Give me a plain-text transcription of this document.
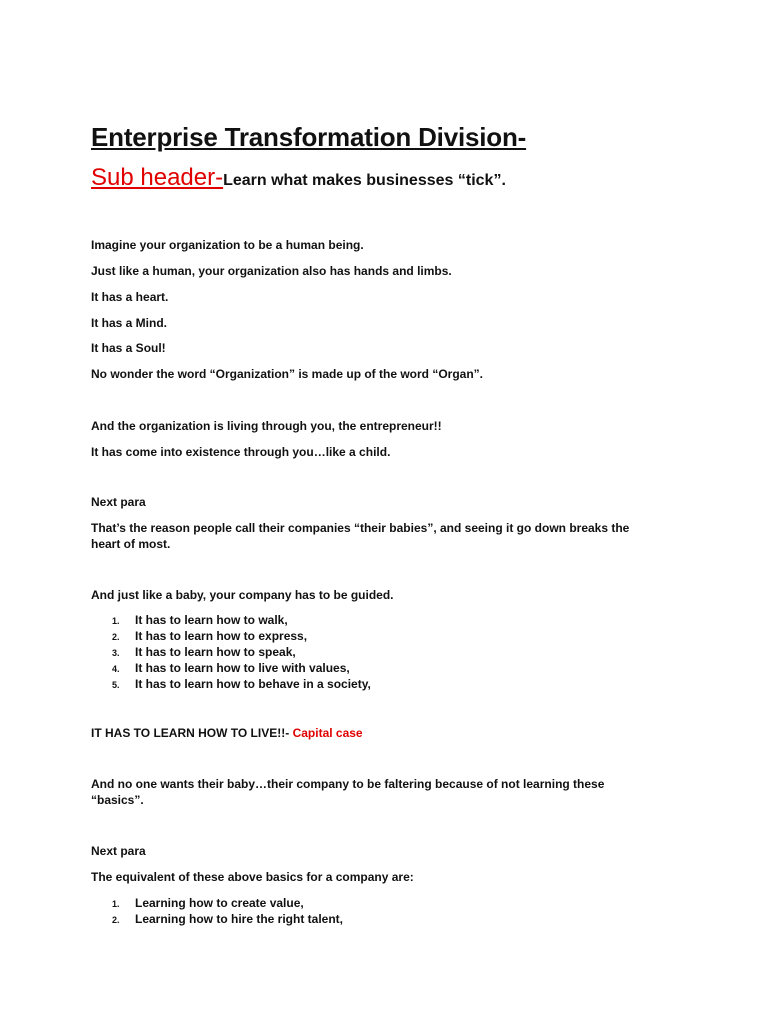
Enterprise Transformation Division-
Sub header-Learn what makes businesses “tick”.
Imagine your organization to be a human being.
Just like a human, your organization also has hands and limbs.
It has a heart.
It has a Mind.
It has a Soul!
No wonder the word “Organization” is made up of the word “Organ”.
And the organization is living through you, the entrepreneur!!
It has come into existence through you…like a child.
Next para
That’s the reason people call their companies “their babies”, and seeing it go down breaks the heart of most.
And just like a baby, your company has to be guided.
1. It has to learn how to walk,
2. It has to learn how to express,
3. It has to learn how to speak,
4. It has to learn how to live with values,
5. It has to learn how to behave in a society,
IT HAS TO LEARN HOW TO LIVE!!- Capital case
And no one wants their baby…their company to be faltering because of not learning these “basics”.
Next para
The equivalent of these above basics for a company are:
1. Learning how to create value,
2. Learning how to hire the right talent,
